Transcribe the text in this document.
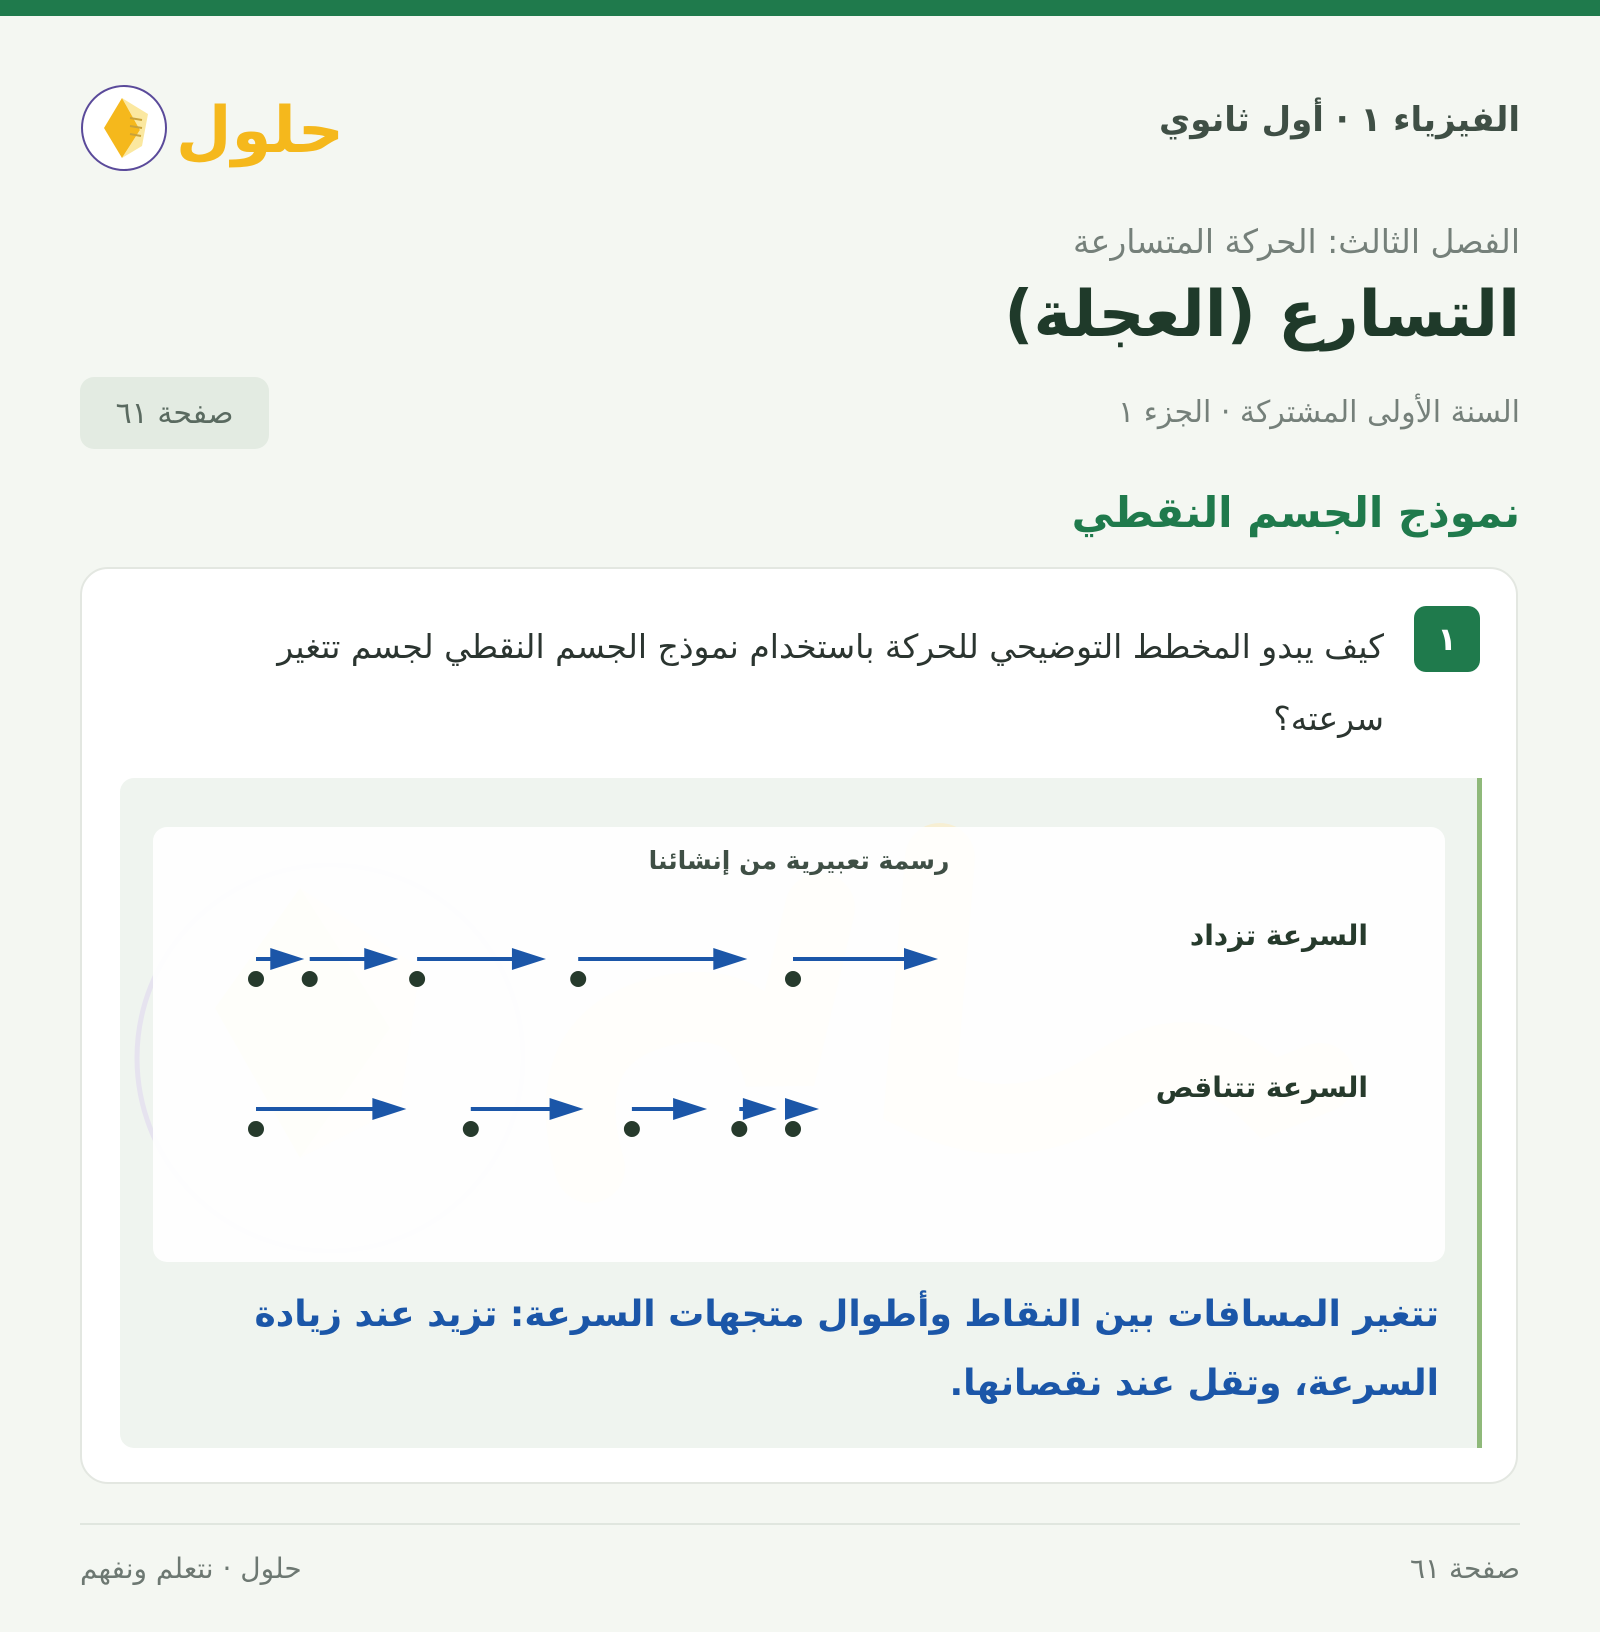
الفيزياء ١ · أول ثانوي
حلول
الفصل الثالث: الحركة المتسارعة
التسارع (العجلة)
السنة الأولى المشتركة · الجزء ١
صفحة ٦١
نموذج الجسم النقطي
١

كيف يبدو المخطط التوضيحي للحركة باستخدام نموذج الجسم النقطي لجسم تتغير سرعته؟

رسمة تعبيرية من إنشائنا
السرعة تزداد
السرعة تتناقص

تتغير المسافات بين النقاط وأطوال متجهات السرعة: تزيد عند زيادة السرعة، وتقل عند نقصانها.

صفحة ٦١
حلول · نتعلم ونفهم
